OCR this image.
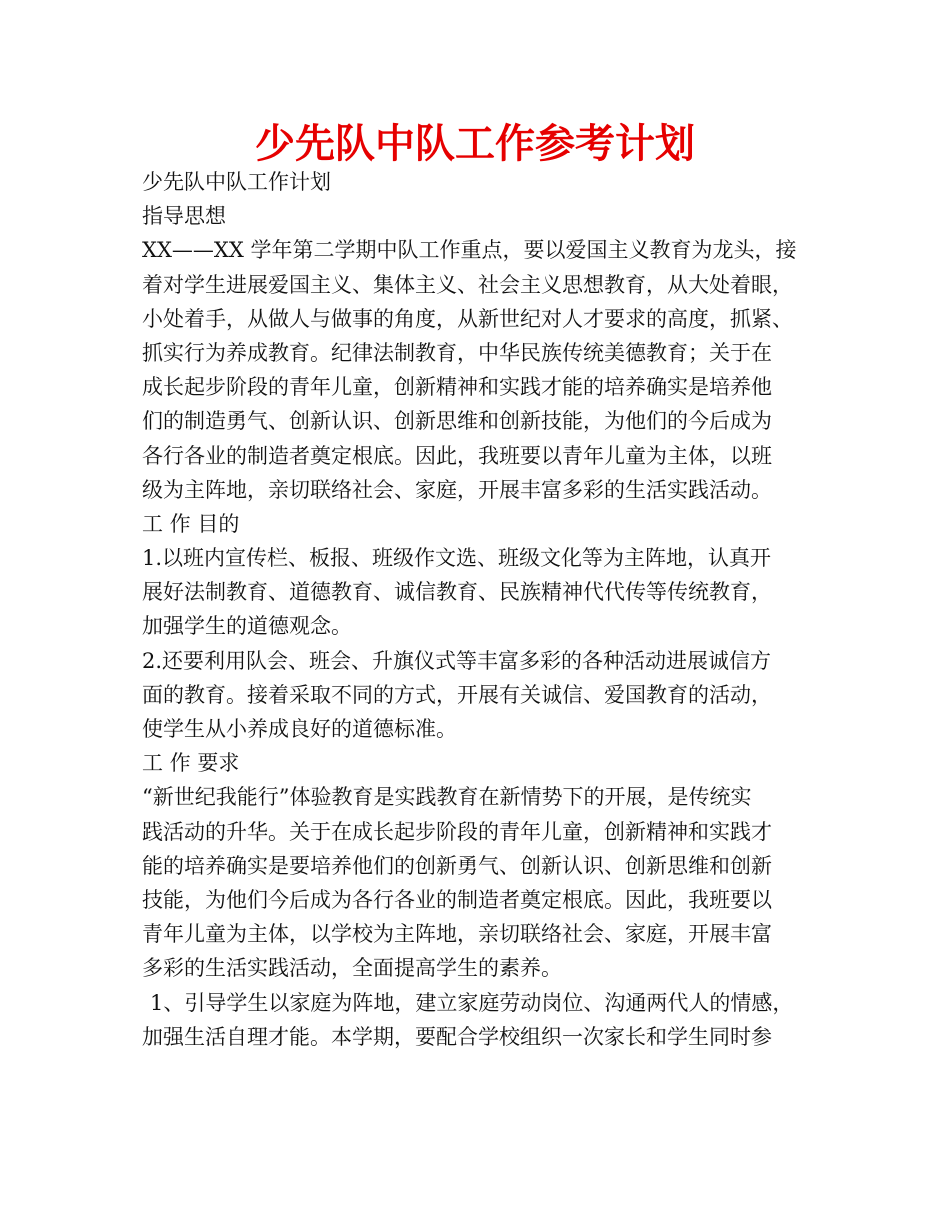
少先队中队工作参考计划
少先队中队工作计划
指导思想
XX——XX 学年第二学期中队工作重点，要以爱国主义教育为龙头，接
着对学生进展爱国主义、集体主义、社会主义思想教育，从大处着眼，
小处着手，从做人与做事的角度，从新世纪对人才要求的高度，抓紧、
抓实行为养成教育。纪律法制教育，中华民族传统美德教育；关于在
成长起步阶段的青年儿童，创新精神和实践才能的培养确实是培养他
们的制造勇气、创新认识、创新思维和创新技能，为他们的今后成为
各行各业的制造者奠定根底。因此，我班要以青年儿童为主体，以班
级为主阵地，亲切联络社会、家庭，开展丰富多彩的生活实践活动。
工 作 目的
1.以班内宣传栏、板报、班级作文选、班级文化等为主阵地，认真开
展好法制教育、道德教育、诚信教育、民族精神代代传等传统教育，
加强学生的道德观念。
2.还要利用队会、班会、升旗仪式等丰富多彩的各种活动进展诚信方
面的教育。接着采取不同的方式，开展有关诚信、爱国教育的活动，
使学生从小养成良好的道德标准。
工 作 要求
“新世纪我能行”体验教育是实践教育在新情势下的开展，是传统实
践活动的升华。关于在成长起步阶段的青年儿童，创新精神和实践才
能的培养确实是要培养他们的创新勇气、创新认识、创新思维和创新
技能，为他们今后成为各行各业的制造者奠定根底。因此，我班要以
青年儿童为主体，以学校为主阵地，亲切联络社会、家庭，开展丰富
多彩的生活实践活动，全面提高学生的素养。
1、引导学生以家庭为阵地，建立家庭劳动岗位、沟通两代人的情感，
加强生活自理才能。本学期，要配合学校组织一次家长和学生同时参
